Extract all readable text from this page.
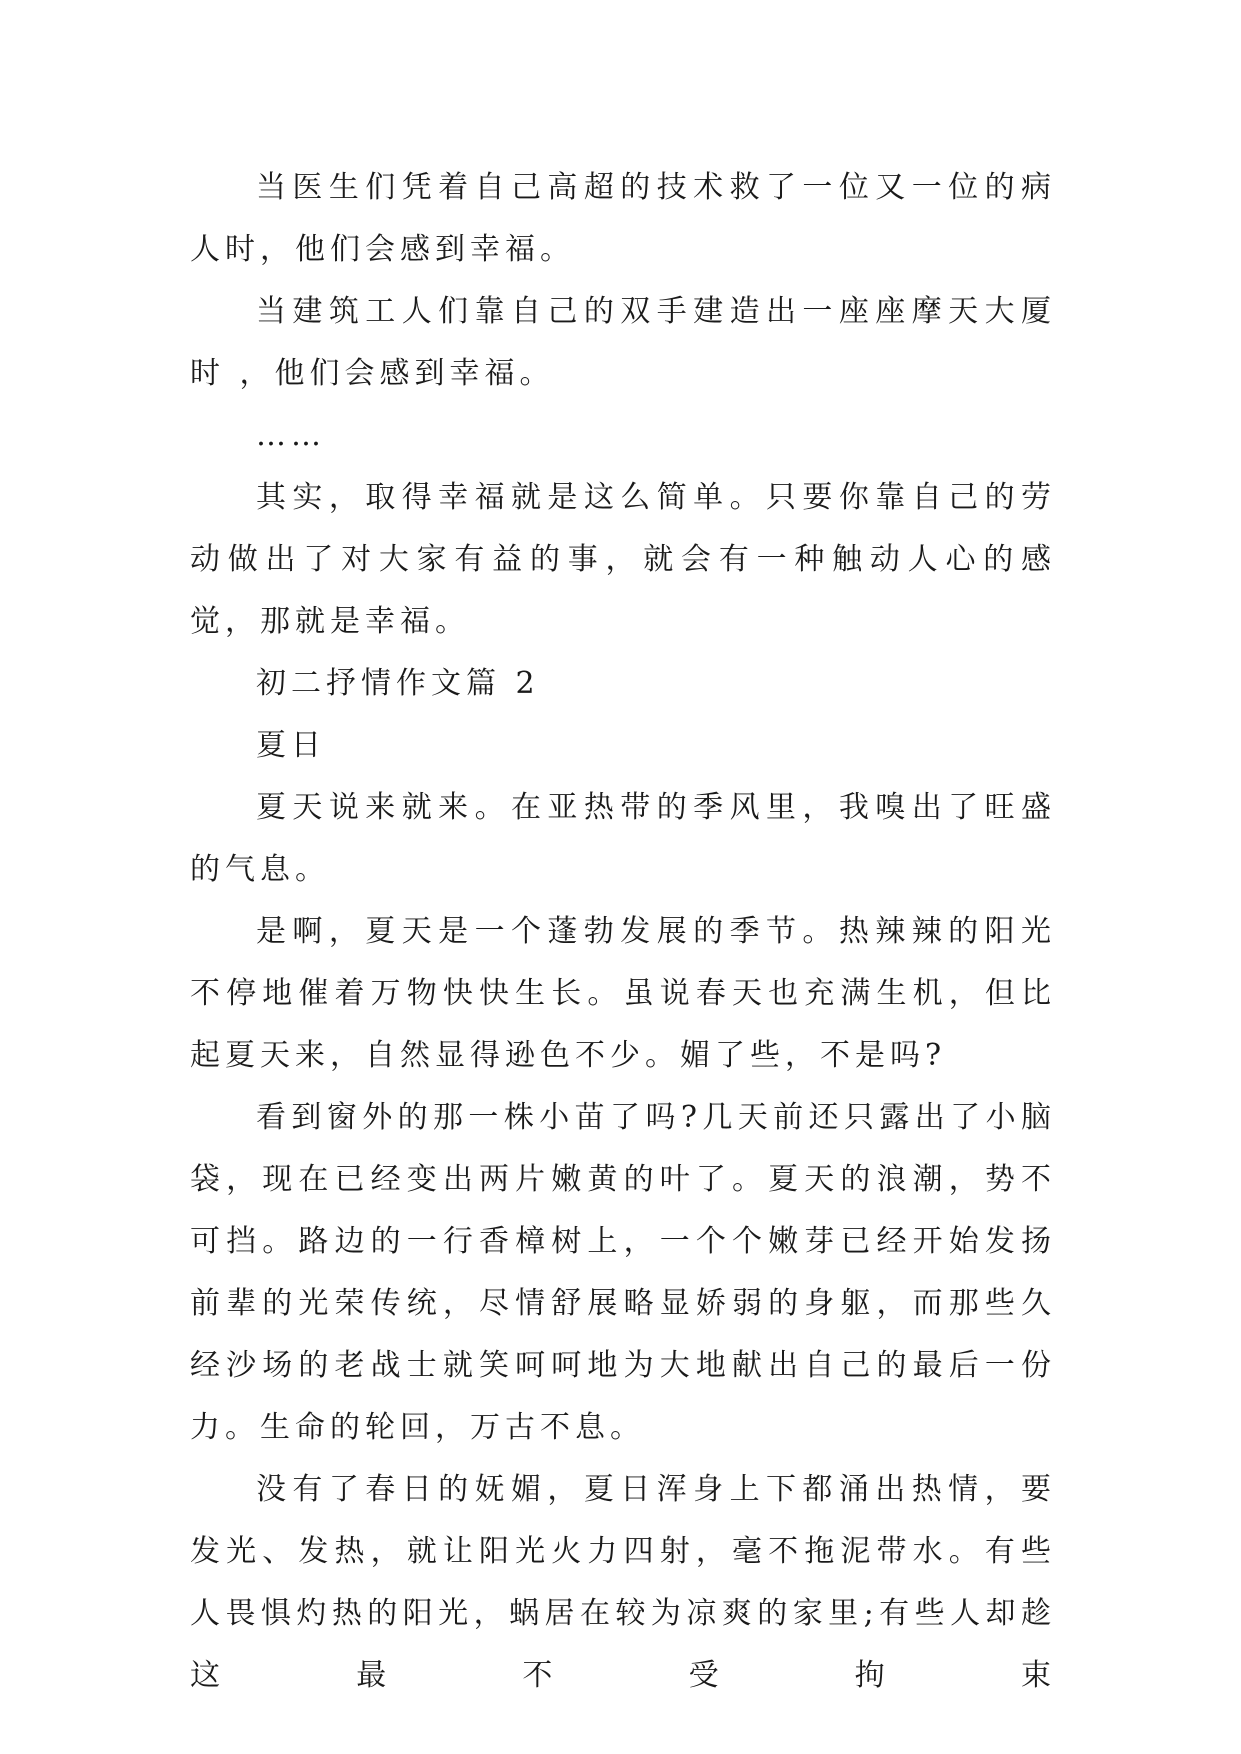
当医生们凭着自己高超的技术救了一位又一位的病人时，他们会感到幸福。

当建筑工人们靠自己的双手建造出一座座摩天大厦时 ，他们会感到幸福。

……

其实，取得幸福就是这么简单。只要你靠自己的劳动做出了对大家有益的事，就会有一种触动人心的感觉，那就是幸福。

初二抒情作文篇 2

夏日

夏天说来就来。在亚热带的季风里，我嗅出了旺盛的气息。

是啊，夏天是一个蓬勃发展的季节。热辣辣的阳光不停地催着万物快快生长。虽说春天也充满生机，但比起夏天来，自然显得逊色不少。媚了些，不是吗?

看到窗外的那一株小苗了吗?几天前还只露出了小脑袋，现在已经变出两片嫩黄的叶了。夏天的浪潮，势不可挡。路边的一行香樟树上，一个个嫩芽已经开始发扬前辈的光荣传统，尽情舒展略显娇弱的身躯，而那些久经沙场的老战士就笑呵呵地为大地献出自己的最后一份力。生命的轮回，万古不息。

没有了春日的妩媚，夏日浑身上下都涌出热情，要发光、发热，就让阳光火力四射，毫不拖泥带水。有些人畏惧灼热的阳光，蜗居在较为凉爽的家里;有些人却趁这最不受拘束
